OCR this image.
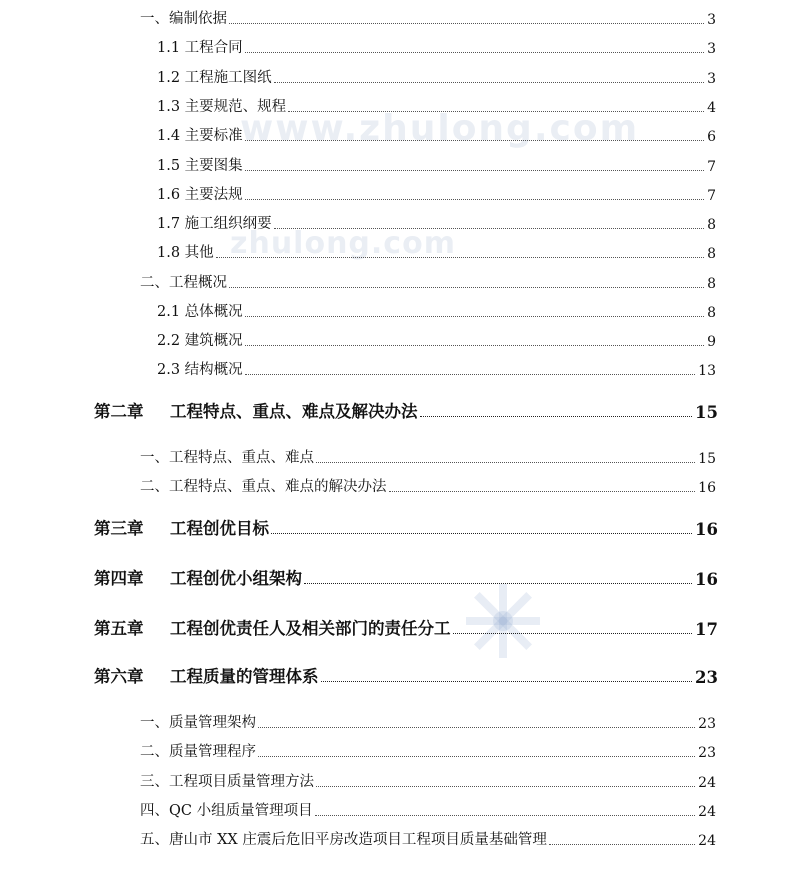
www.zhulong.com
zhulong.com
一、编制依据	3
1.1 工程合同	3
1.2 工程施工图纸	3
1.3 主要规范、规程	4
1.4 主要标准	6
1.5 主要图集	7
1.6 主要法规	7
1.7 施工组织纲要	8
1.8 其他	8
二、工程概况	8
2.1 总体概况	8
2.2 建筑概况	9
2.3 结构概况	13
第二章 工程特点、重点、难点及解决办法	15
一、工程特点、重点、难点	15
二、工程特点、重点、难点的解决办法	16
第三章 工程创优目标	16
第四章 工程创优小组架构	16
第五章 工程创优责任人及相关部门的责任分工	17
第六章 工程质量的管理体系	23
一、质量管理架构	23
二、质量管理程序	23
三、工程项目质量管理方法	24
四、QC 小组质量管理项目	24
五、唐山市 XX 庄震后危旧平房改造项目工程项目质量基础管理	24
